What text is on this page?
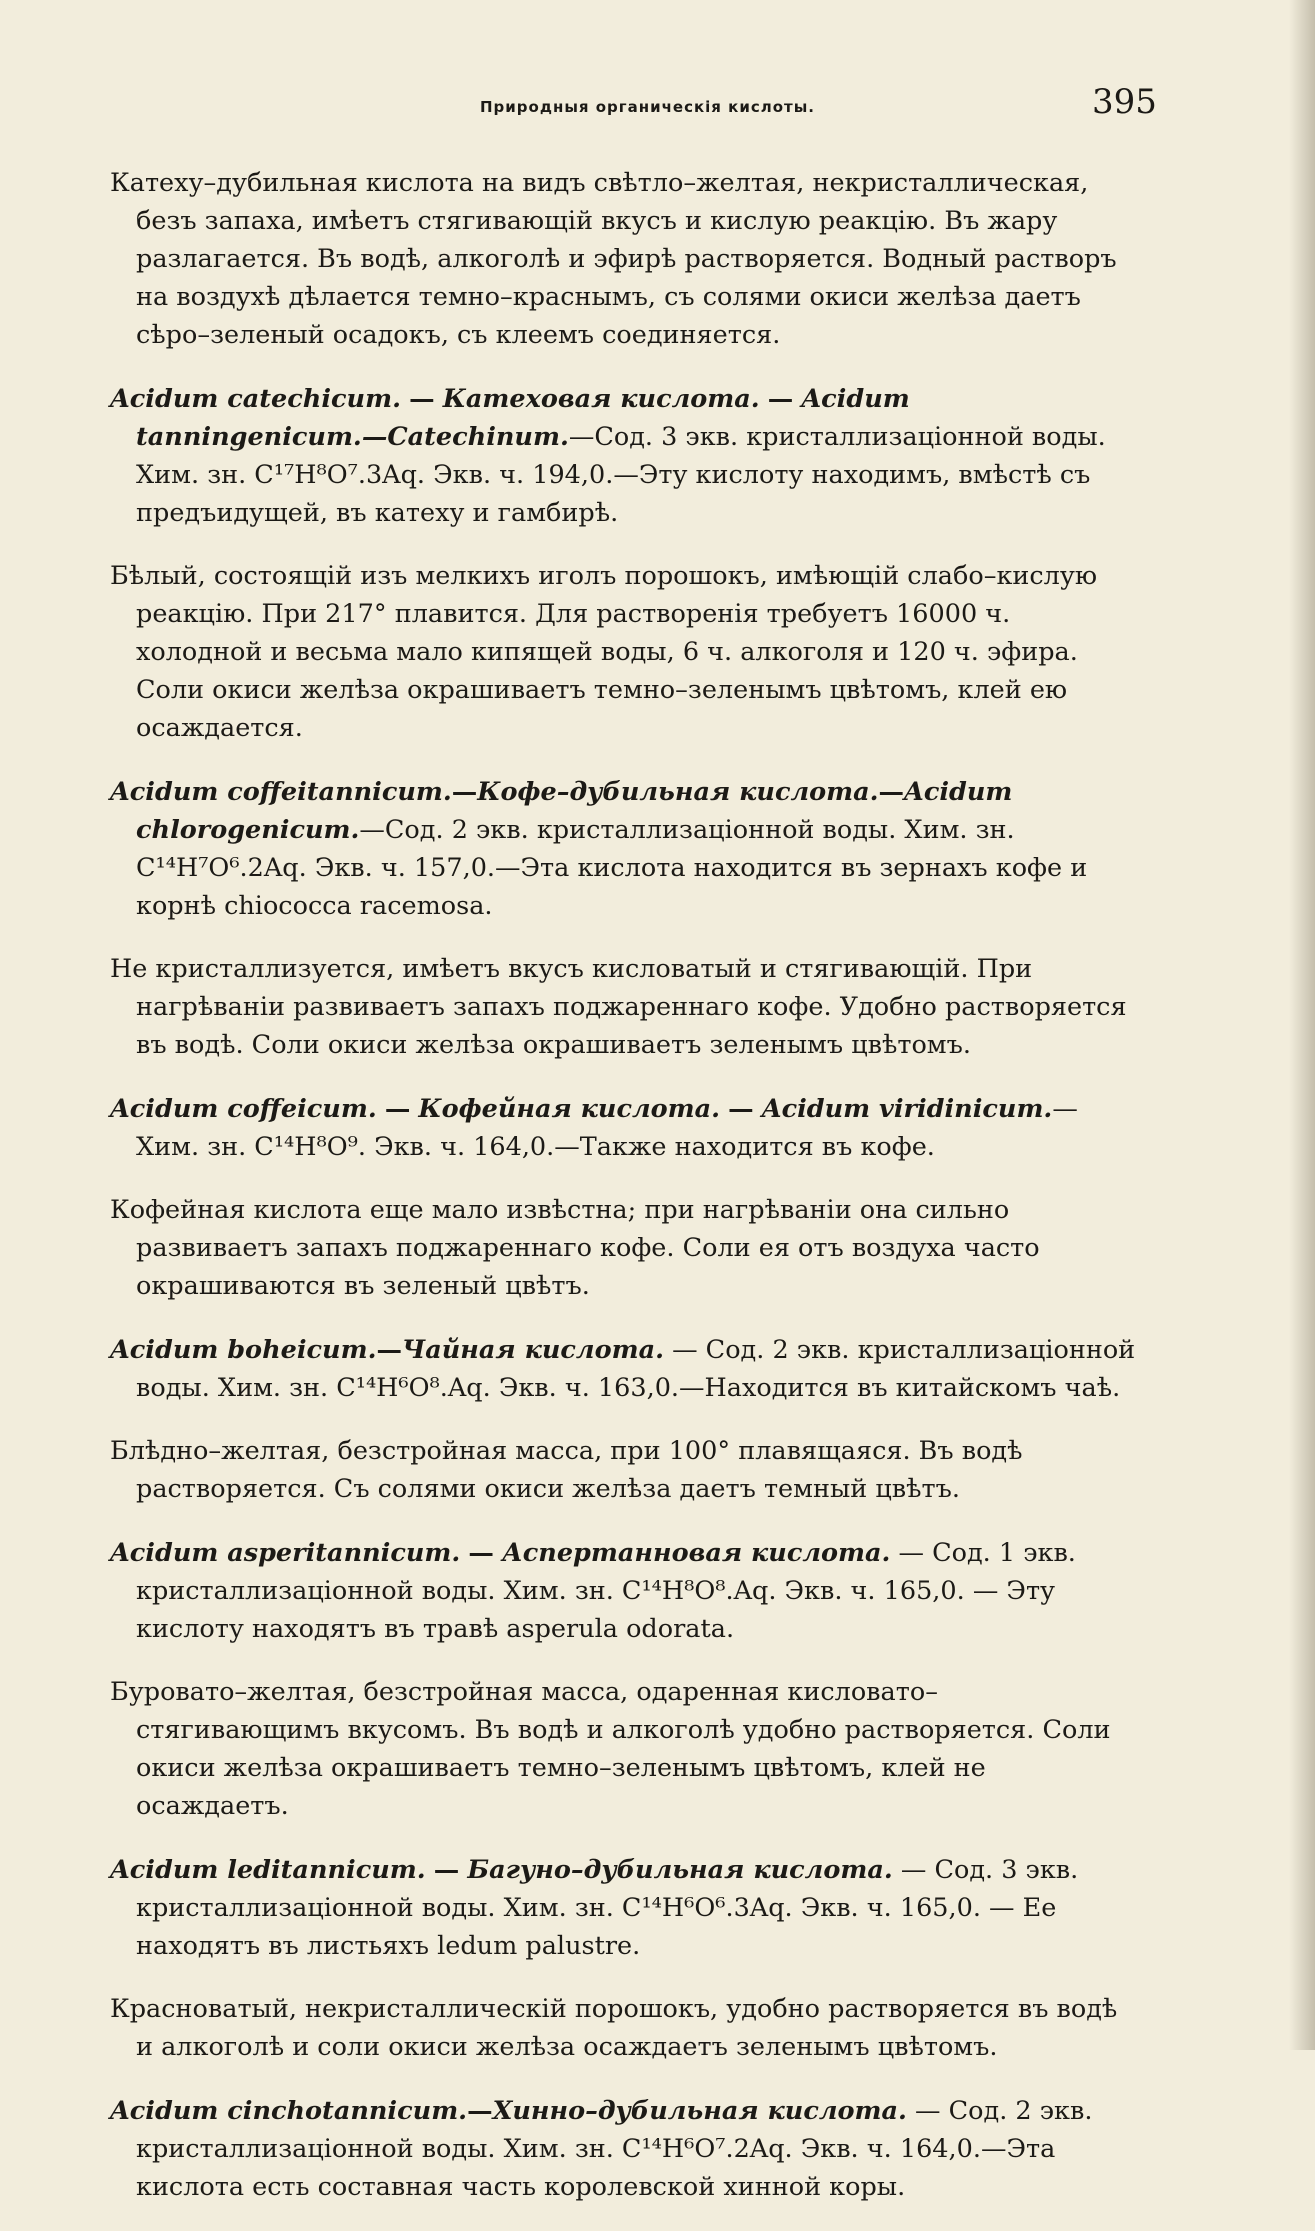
Природныя органическія кислоты.	395

Катеху–дубильная кислота на видъ свѣтло–желтая, некристаллическая, безъ запаха, имѣетъ стягивающій вкусъ и кислую реакцію. Въ жару разлагается. Въ водѣ, алкоголѣ и эфирѣ растворяется. Водный растворъ на воздухѣ дѣлается темно–краснымъ, съ солями окиси желѣза даетъ сѣро–зеленый осадокъ, съ клеемъ соединяется.

Acidum catechicum. — Катеховая кислота. — Acidum tanningenicum.—Catechinum.—Сод. 3 экв. кристаллизаціонной воды. Хим. зн. C¹⁷H⁸O⁷.3Aq. Экв. ч. 194,0.—Эту кислоту находимъ, вмѣстѣ съ предъидущей, въ катеху и гамбирѣ.

Бѣлый, состоящій изъ мелкихъ иголъ порошокъ, имѣющій слабо–кислую реакцію. При 217° плавится. Для растворенія требуетъ 16000 ч. холодной и весьма мало кипящей воды, 6 ч. алкоголя и 120 ч. эфира. Соли окиси желѣза окрашиваетъ темно–зеленымъ цвѣтомъ, клей ею осаждается.

Acidum coffeitannicum.—Кофе–дубильная кислота.—Acidum chlorogenicum.—Сод. 2 экв. кристаллизаціонной воды. Хим. зн. C¹⁴H⁷O⁶.2Aq. Экв. ч. 157,0.—Эта кислота находится въ зернахъ кофе и корнѣ chiococca racemosa.

Не кристаллизуется, имѣетъ вкусъ кисловатый и стягивающій. При нагрѣваніи развиваетъ запахъ поджареннаго кофе. Удобно растворяется въ водѣ. Соли окиси желѣза окрашиваетъ зеленымъ цвѣтомъ.

Acidum coffeicum. — Кофейная кислота. — Acidum viridinicum.—Хим. зн. C¹⁴H⁸O⁹. Экв. ч. 164,0.—Также находится въ кофе.

Кофейная кислота еще мало извѣстна; при нагрѣваніи она сильно развиваетъ запахъ поджареннаго кофе. Соли ея отъ воздуха часто окрашиваются въ зеленый цвѣтъ.

Acidum boheicum.—Чайная кислота. — Сод. 2 экв. кристаллизаціонной воды. Хим. зн. C¹⁴H⁶O⁸.Aq. Экв. ч. 163,0.—Находится въ китайскомъ чаѣ.

Блѣдно–желтая, безстройная масса, при 100° плавящаяся. Въ водѣ растворяется. Съ солями окиси желѣза даетъ темный цвѣтъ.

Acidum asperitannicum. — Аспертанновая кислота. — Сод. 1 экв. кристаллизаціонной воды. Хим. зн. C¹⁴H⁸O⁸.Aq. Экв. ч. 165,0. — Эту кислоту находятъ въ травѣ asperula odorata.

Буровато–желтая, безстройная масса, одаренная кисловато–стягивающимъ вкусомъ. Въ водѣ и алкоголѣ удобно растворяется. Соли окиси желѣза окрашиваетъ темно–зеленымъ цвѣтомъ, клей не осаждаетъ.

Acidum leditannicum. — Багуно–дубильная кислота. — Сод. 3 экв. кристаллизаціонной воды. Хим. зн. C¹⁴H⁶O⁶.3Aq. Экв. ч. 165,0. — Ее находятъ въ листьяхъ ledum palustre.

Красноватый, некристаллическій порошокъ, удобно растворяется въ водѣ и алкоголѣ и соли окиси желѣза осаждаетъ зеленымъ цвѣтомъ.

Acidum cinchotannicum.—Хинно–дубильная кислота. — Сод. 2 экв. кристаллизаціонной воды. Хим. зн. C¹⁴H⁶O⁷.2Aq. Экв. ч. 164,0.—Эта кислота есть составная часть королевской хинной коры.
